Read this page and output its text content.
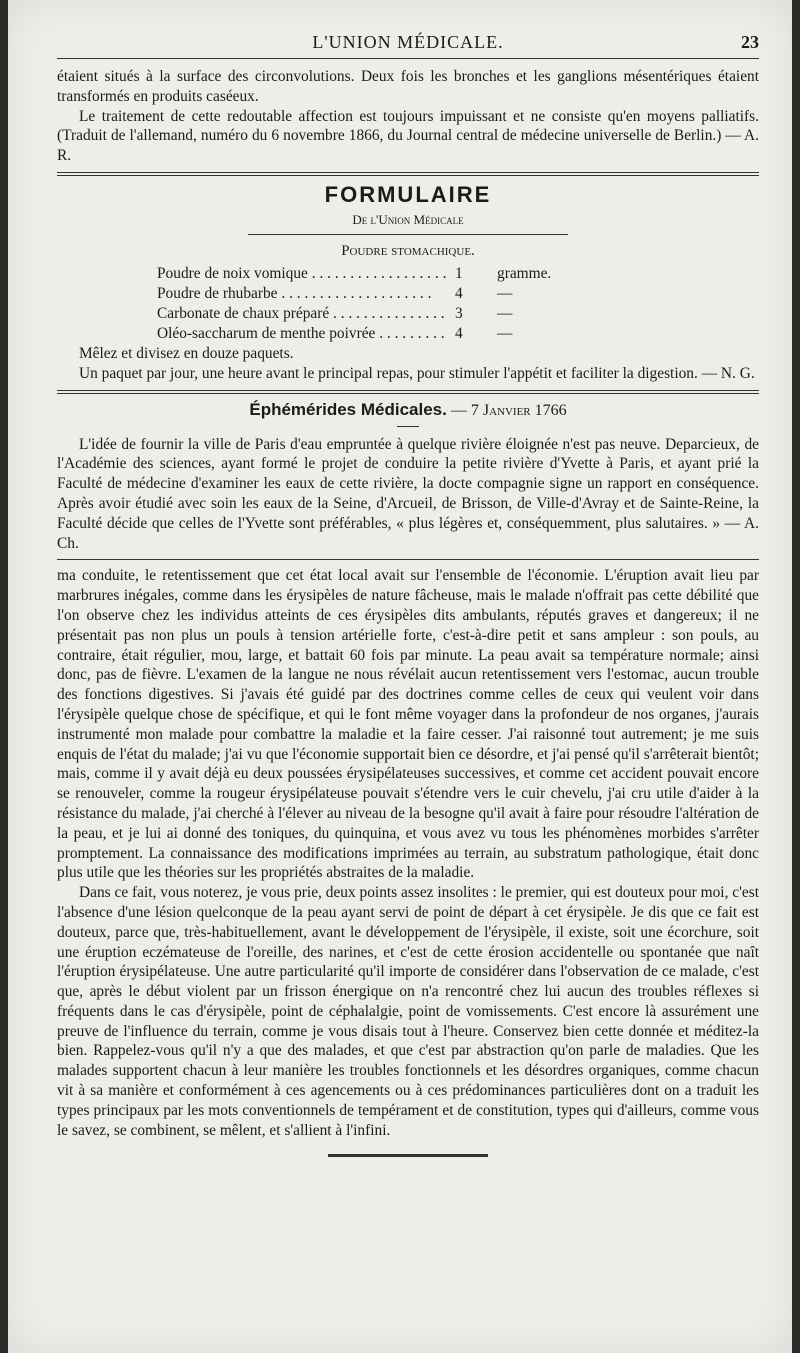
L'UNION MÉDICALE.	23

étaient situés à la surface des circonvolutions. Deux fois les bronches et les ganglions mésentériques étaient transformés en produits caséeux.

Le traitement de cette redoutable affection est toujours impuissant et ne consiste qu'en moyens palliatifs. (Traduit de l'allemand, numéro du 6 novembre 1866, du Journal central de médecine universelle de Berlin.) — A. R.

FORMULAIRE
De l'Union Médicale
Poudre stomachique.
Poudre de noix vomique . . .	1	gramme.
Poudre de rhubarbe . . .	4	—
Carbonate de chaux préparé . . .	3	—
Oléo-saccharum de menthe poivrée . . .	4	—

Mêlez et divisez en douze paquets.

Un paquet par jour, une heure avant le principal repas, pour stimuler l'appétit et faciliter la digestion. — N. G.

Éphémérides Médicales. — 7 Janvier 1766

L'idée de fournir la ville de Paris d'eau empruntée à quelque rivière éloignée n'est pas neuve. Deparcieux, de l'Académie des sciences, ayant formé le projet de conduire la petite rivière d'Yvette à Paris, et ayant prié la Faculté de médecine d'examiner les eaux de cette rivière, la docte compagnie signe un rapport en conséquence. Après avoir étudié avec soin les eaux de la Seine, d'Arcueil, de Brisson, de Ville-d'Avray et de Sainte-Reine, la Faculté décide que celles de l'Yvette sont préférables, « plus légères et, conséquemment, plus salutaires. » — A. Ch.

ma conduite, le retentissement que cet état local avait sur l'ensemble de l'économie. L'éruption avait lieu par marbrures inégales, comme dans les érysipèles de nature fâcheuse, mais le malade n'offrait pas cette débilité que l'on observe chez les individus atteints de ces érysipèles dits ambulants, réputés graves et dangereux; il ne présentait pas non plus un pouls à tension artérielle forte, c'est-à-dire petit et sans ampleur : son pouls, au contraire, était régulier, mou, large, et battait 60 fois par minute. La peau avait sa température normale; ainsi donc, pas de fièvre. L'examen de la langue ne nous révélait aucun retentissement vers l'estomac, aucun trouble des fonctions digestives. Si j'avais été guidé par des doctrines comme celles de ceux qui veulent voir dans l'érysipèle quelque chose de spécifique, et qui le font même voyager dans la profondeur de nos organes, j'aurais instrumenté mon malade pour combattre la maladie et la faire cesser. J'ai raisonné tout autrement; je me suis enquis de l'état du malade; j'ai vu que l'économie supportait bien ce désordre, et j'ai pensé qu'il s'arrêterait bientôt; mais, comme il y avait déjà eu deux poussées érysipélateuses successives, et comme cet accident pouvait encore se renouveler, comme la rougeur érysipélateuse pouvait s'étendre vers le cuir chevelu, j'ai cru utile d'aider à la résistance du malade, j'ai cherché à l'élever au niveau de la besogne qu'il avait à faire pour résoudre l'altération de la peau, et je lui ai donné des toniques, du quinquina, et vous avez vu tous les phénomènes morbides s'arrêter promptement. La connaissance des modifications imprimées au terrain, au substratum pathologique, était donc plus utile que les théories sur les propriétés abstraites de la maladie.

Dans ce fait, vous noterez, je vous prie, deux points assez insolites : le premier, qui est douteux pour moi, c'est l'absence d'une lésion quelconque de la peau ayant servi de point de départ à cet érysipèle. Je dis que ce fait est douteux, parce que, très-habituellement, avant le développement de l'érysipèle, il existe, soit une écorchure, soit une éruption eczémateuse de l'oreille, des narines, et c'est de cette érosion accidentelle ou spontanée que naît l'éruption érysipélateuse. Une autre particularité qu'il importe de considérer dans l'observation de ce malade, c'est que, après le début violent par un frisson énergique on n'a rencontré chez lui aucun des troubles réflexes si fréquents dans le cas d'érysipèle, point de céphalalgie, point de vomissements. C'est encore là assurément une preuve de l'influence du terrain, comme je vous disais tout à l'heure. Conservez bien cette donnée et méditez-la bien. Rappelez-vous qu'il n'y a que des malades, et que c'est par abstraction qu'on parle de maladies. Que les malades supportent chacun à leur manière les troubles fonctionnels et les désordres organiques, comme chacun vit à sa manière et conformément à ces agencements ou à ces prédominances particulières dont on a traduit les types principaux par les mots conventionnels de tempérament et de constitution, types qui d'ailleurs, comme vous le savez, se combinent, se mêlent, et s'allient à l'infini.
